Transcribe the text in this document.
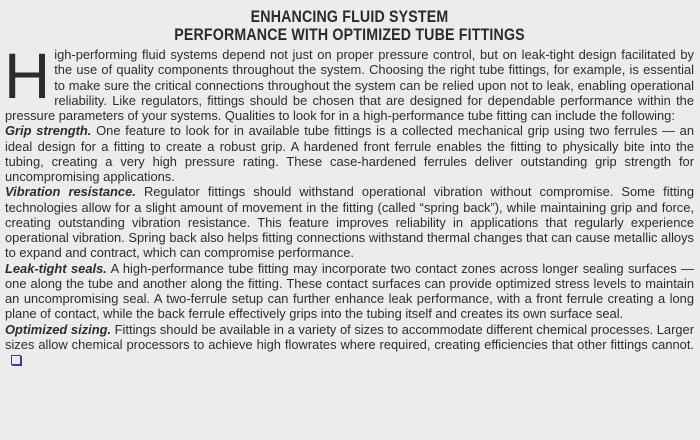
ENHANCING FLUID SYSTEM
PERFORMANCE WITH OPTIMIZED TUBE FITTINGS

High-performing fluid systems depend not just on proper pressure control, but on leak-tight design facilitated by the use of quality components throughout the system. Choosing the right tube fittings, for example, is essential to make sure the critical connections throughout the system can be relied upon not to leak, enabling operational reliability. Like regulators, fittings should be chosen that are designed for dependable performance within the pressure parameters of your systems. Qualities to look for in a high-performance tube fitting can include the following:

Grip strength. One feature to look for in available tube fittings is a collected mechanical grip using two ferrules — an ideal design for a fitting to create a robust grip. A hardened front ferrule enables the fitting to physically bite into the tubing, creating a very high pressure rating. These case-hardened ferrules deliver outstanding grip strength for uncompromising applications.

Vibration resistance. Regulator fittings should withstand operational vibration without compromise. Some fitting technologies allow for a slight amount of movement in the fitting (called “spring back”), while maintaining grip and force, creating outstanding vibration resistance. This feature improves reliability in applications that regularly experience operational vibration. Spring back also helps fitting connections withstand thermal changes that can cause metallic alloys to expand and contract, which can compromise performance.

Leak-tight seals. A high-performance tube fitting may incorporate two contact zones across longer sealing surfaces — one along the tube and another along the fitting. These contact surfaces can provide optimized stress levels to maintain an uncompromising seal. A two-ferrule setup can further enhance leak performance, with a front ferrule creating a long plane of contact, while the back ferrule effectively grips into the tubing itself and creates its own surface seal.

Optimized sizing. Fittings should be available in a variety of sizes to accommodate different chemical processes. Larger sizes allow chemical processors to achieve high flowrates where required, creating efficiencies that other fittings cannot.
